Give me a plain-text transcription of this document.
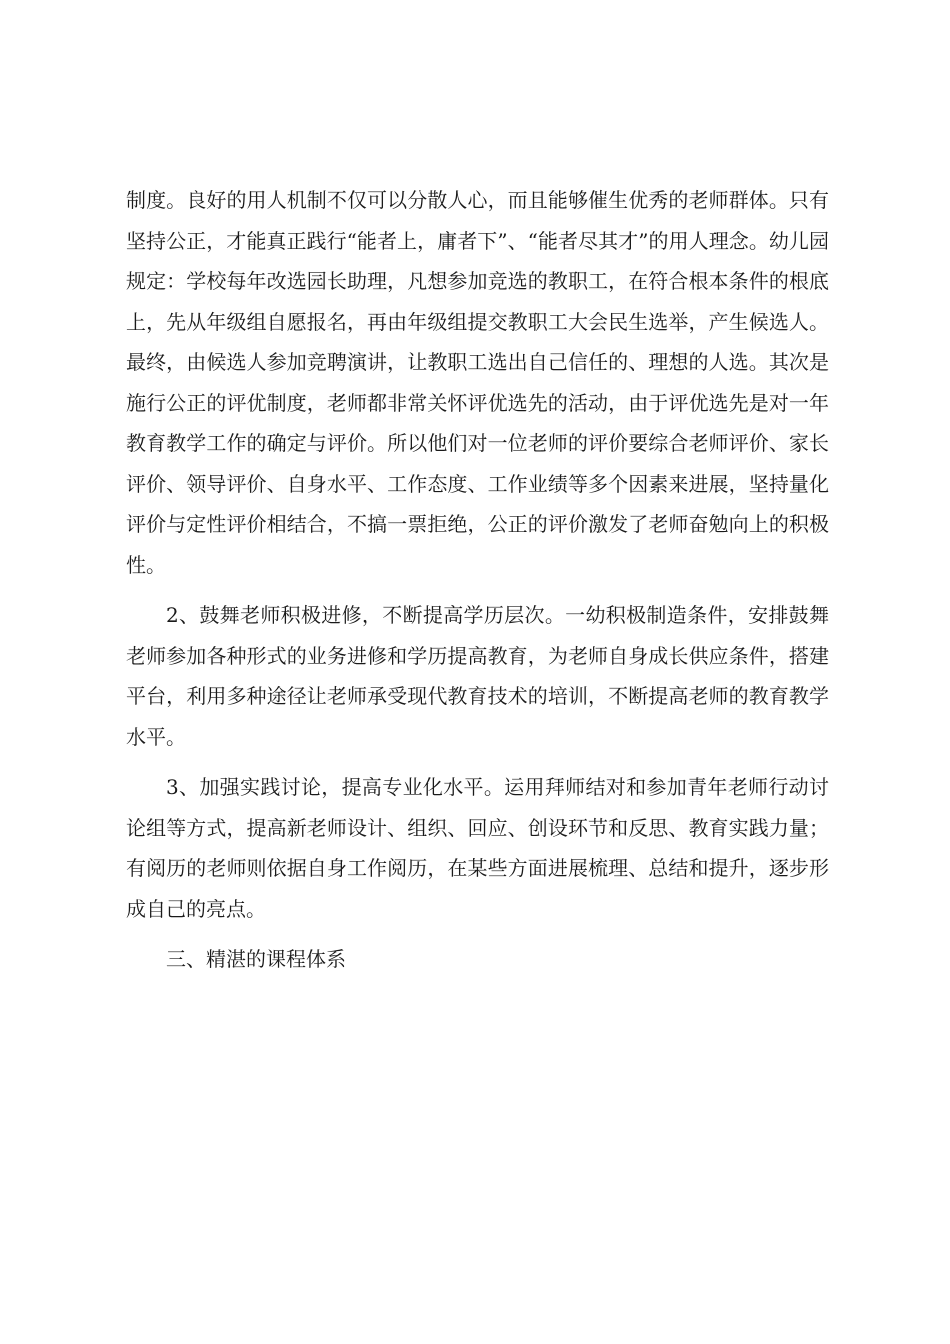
制度。良好的用人机制不仅可以分散人心，而且能够催生优秀的老师群体。只有坚持公正，才能真正践行“能者上，庸者下”、“能者尽其才”的用人理念。幼儿园规定：学校每年改选园长助理，凡想参加竞选的教职工，在符合根本条件的根底上，先从年级组自愿报名，再由年级组提交教职工大会民生选举，产生候选人。最终，由候选人参加竞聘演讲，让教职工选出自己信任的、理想的人选。其次是施行公正的评优制度，老师都非常关怀评优选先的活动，由于评优选先是对一年教育教学工作的确定与评价。所以他们对一位老师的评价要综合老师评价、家长评价、领导评价、自身水平、工作态度、工作业绩等多个因素来进展，坚持量化评价与定性评价相结合，不搞一票拒绝，公正的评价激发了老师奋勉向上的积极性。

2、鼓舞老师积极进修，不断提高学历层次。一幼积极制造条件，安排鼓舞老师参加各种形式的业务进修和学历提高教育，为老师自身成长供应条件，搭建平台，利用多种途径让老师承受现代教育技术的培训，不断提高老师的教育教学水平。

3、加强实践讨论，提高专业化水平。运用拜师结对和参加青年老师行动讨论组等方式，提高新老师设计、组织、回应、创设环节和反思、教育实践力量；有阅历的老师则依据自身工作阅历，在某些方面进展梳理、总结和提升，逐步形成自己的亮点。

三、精湛的课程体系
